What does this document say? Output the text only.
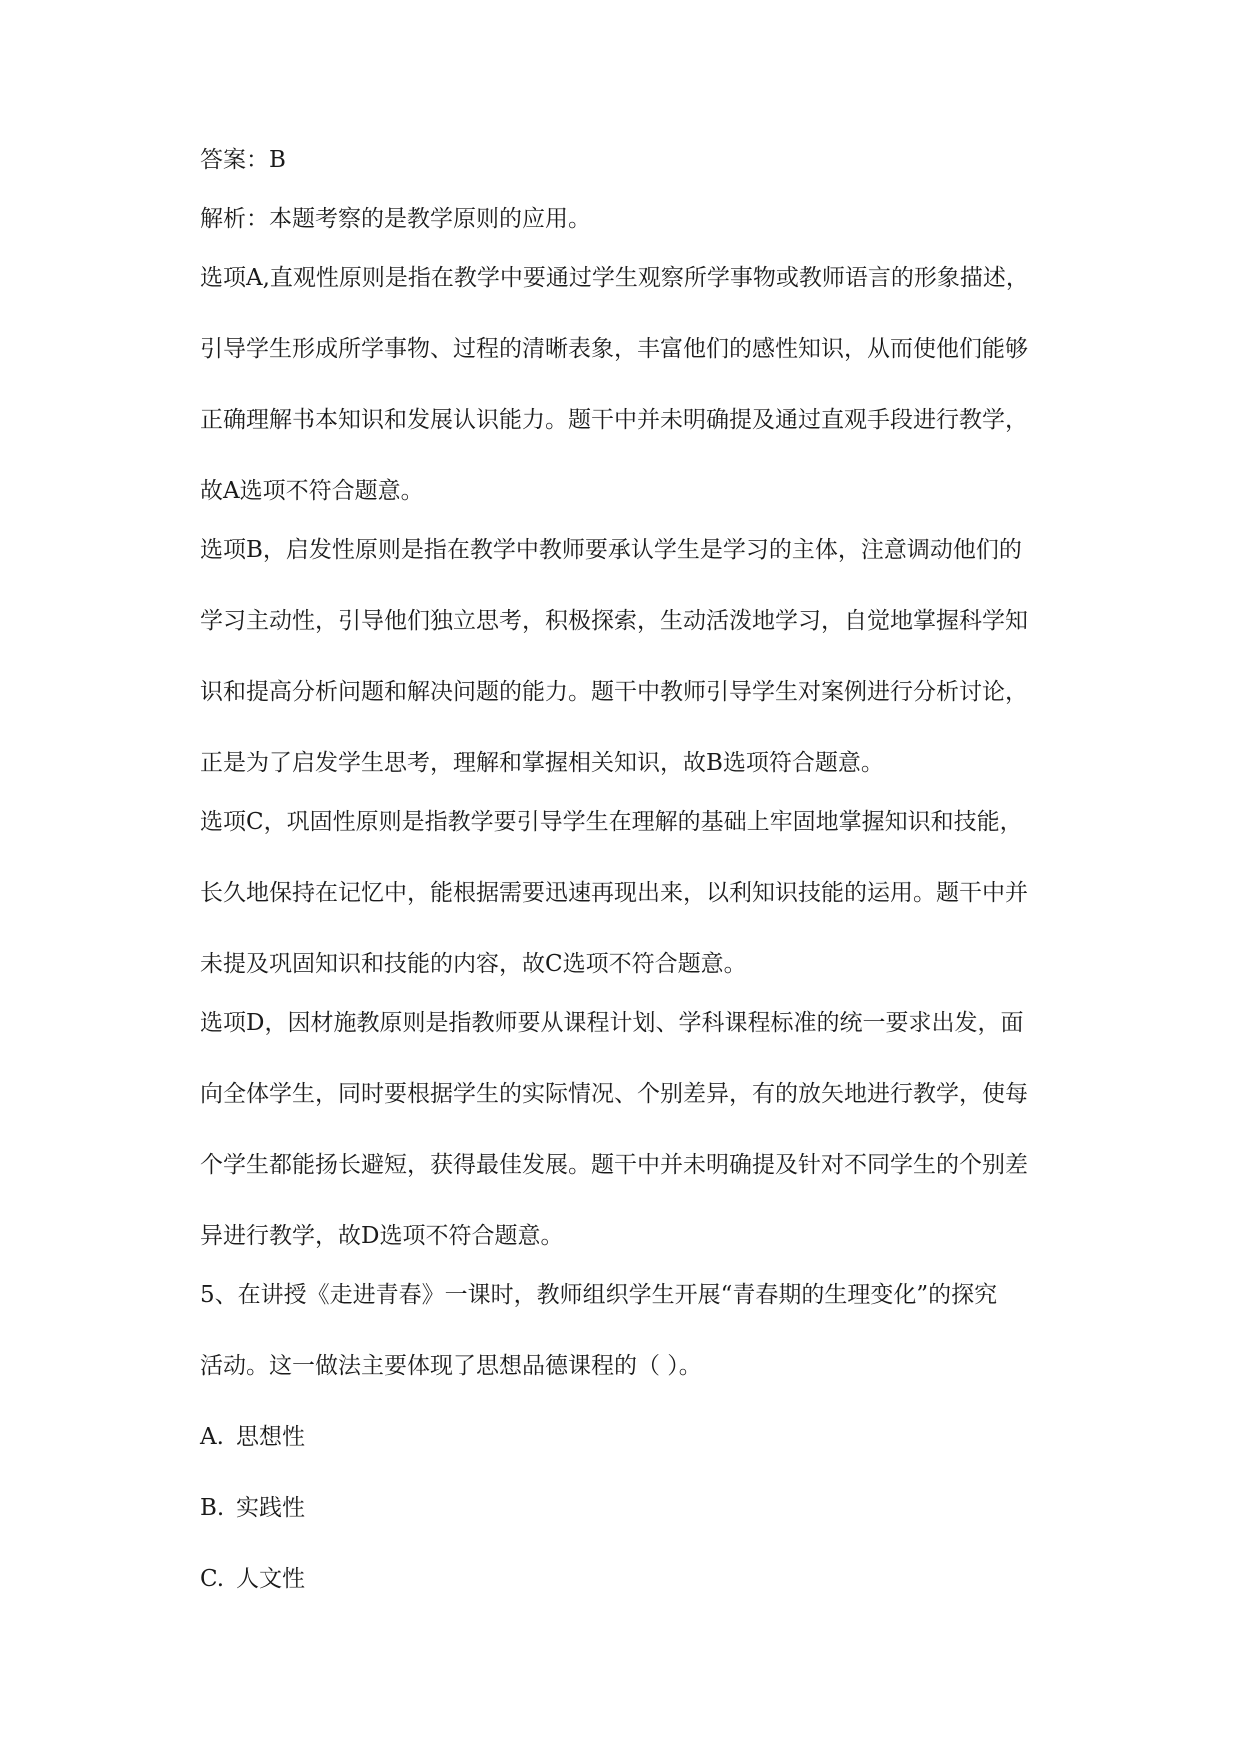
答案：B
解析：本题考察的是教学原则的应用。
选项A,直观性原则是指在教学中要通过学生观察所学事物或教师语言的形象描述，
引导学生形成所学事物、过程的清晰表象，丰富他们的感性知识，从而使他们能够
正确理解书本知识和发展认识能力。题干中并未明确提及通过直观手段进行教学，
故A选项不符合题意。
选项B，启发性原则是指在教学中教师要承认学生是学习的主体，注意调动他们的
学习主动性，引导他们独立思考，积极探索，生动活泼地学习，自觉地掌握科学知
识和提高分析问题和解决问题的能力。题干中教师引导学生对案例进行分析讨论，
正是为了启发学生思考，理解和掌握相关知识，故B选项符合题意。
选项C，巩固性原则是指教学要引导学生在理解的基础上牢固地掌握知识和技能，
长久地保持在记忆中，能根据需要迅速再现出来，以利知识技能的运用。题干中并
未提及巩固知识和技能的内容，故C选项不符合题意。
选项D，因材施教原则是指教师要从课程计划、学科课程标准的统一要求出发，面
向全体学生，同时要根据学生的实际情况、个别差异，有的放矢地进行教学，使每
个学生都能扬长避短，获得最佳发展。题干中并未明确提及针对不同学生的个别差
异进行教学，故D选项不符合题意。
5、在讲授《走进青春》一课时，教师组织学生开展“青春期的生理变化”的探究
活动。这一做法主要体现了思想品德课程的（ ）。
A. 思想性
B. 实践性
C. 人文性
